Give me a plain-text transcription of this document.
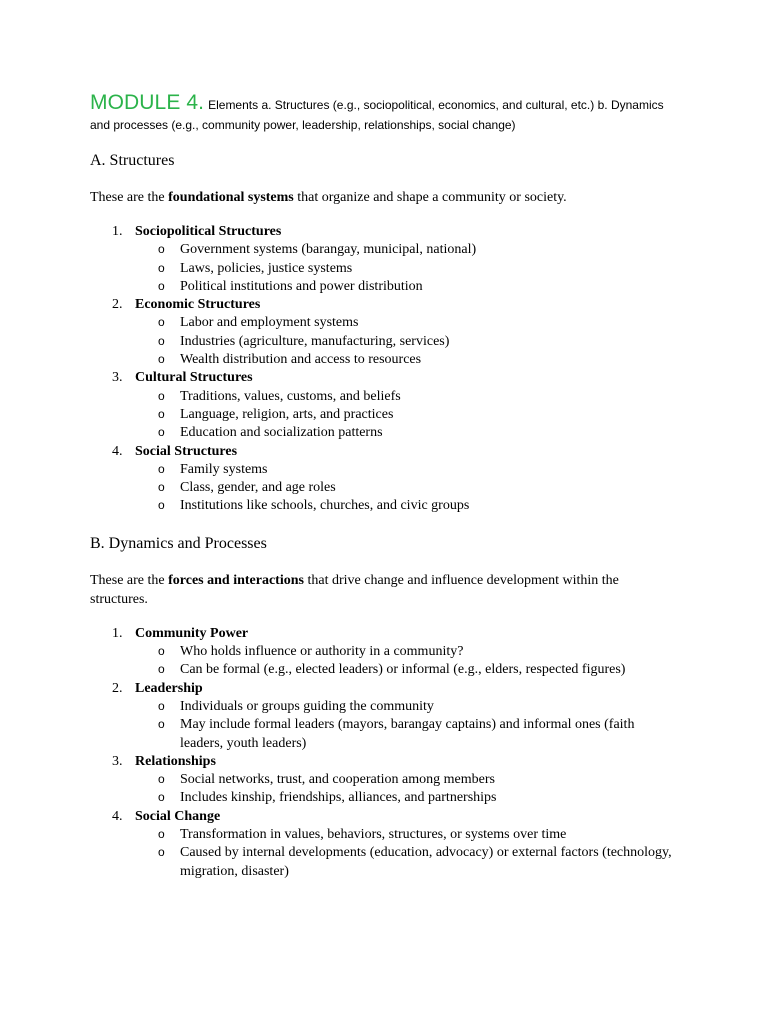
MODULE 4. Elements a. Structures (e.g., sociopolitical, economics, and cultural, etc.) b. Dynamics and processes (e.g., community power, leadership, relationships, social change)

A. Structures

These are the foundational systems that organize and shape a community or society.

1. Sociopolitical Structures
o Government systems (barangay, municipal, national)
o Laws, policies, justice systems
o Political institutions and power distribution
2. Economic Structures
o Labor and employment systems
o Industries (agriculture, manufacturing, services)
o Wealth distribution and access to resources
3. Cultural Structures
o Traditions, values, customs, and beliefs
o Language, religion, arts, and practices
o Education and socialization patterns
4. Social Structures
o Family systems
o Class, gender, and age roles
o Institutions like schools, churches, and civic groups
B. Dynamics and Processes

These are the forces and interactions that drive change and influence development within the structures.

1. Community Power
o Who holds influence or authority in a community?
o Can be formal (e.g., elected leaders) or informal (e.g., elders, respected figures)
2. Leadership
o Individuals or groups guiding the community
o May include formal leaders (mayors, barangay captains) and informal ones (faith leaders, youth leaders)
3. Relationships
o Social networks, trust, and cooperation among members
o Includes kinship, friendships, alliances, and partnerships
4. Social Change
o Transformation in values, behaviors, structures, or systems over time
o Caused by internal developments (education, advocacy) or external factors (technology, migration, disaster)
